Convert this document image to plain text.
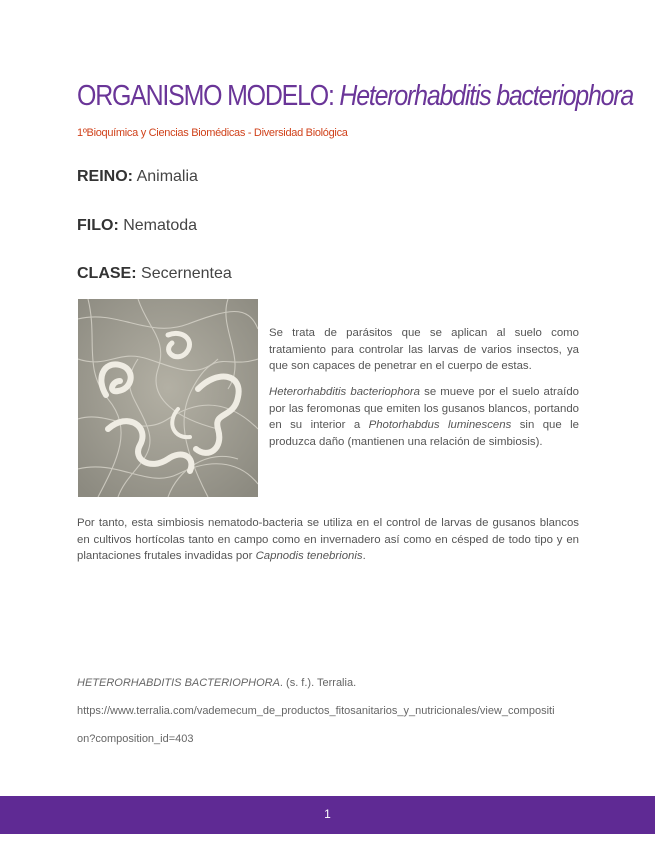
ORGANISMO MODELO: Heterorhabditis bacteriophora
1ºBioquímica y Ciencias Biomédicas - Diversidad Biológica
REINO: Animalia
FILO: Nematoda
CLASE: Secernentea

Se trata de parásitos que se aplican al suelo como tratamiento para controlar las larvas de varios insectos, ya que son capaces de penetrar en el cuerpo de estas.

Heterorhabditis bacteriophora se mueve por el suelo atraído por las feromonas que emiten los gusanos blancos, portando en su interior a Photorhabdus luminescens sin que le produzca daño (mantienen una relación de simbiosis).

Por tanto, esta simbiosis nematodo-bacteria se utiliza en el control de larvas de gusanos blancos en cultivos hortícolas tanto en campo como en invernadero así como en césped de todo tipo y en plantaciones frutales invadidas por Capnodis tenebrionis.

HETERORHABDITIS BACTERIOPHORA. (s. f.). Terralia.
https://www.terralia.com/vademecum_de_productos_fitosanitarios_y_nutricionales/view_compositi
on?composition_id=403
1
